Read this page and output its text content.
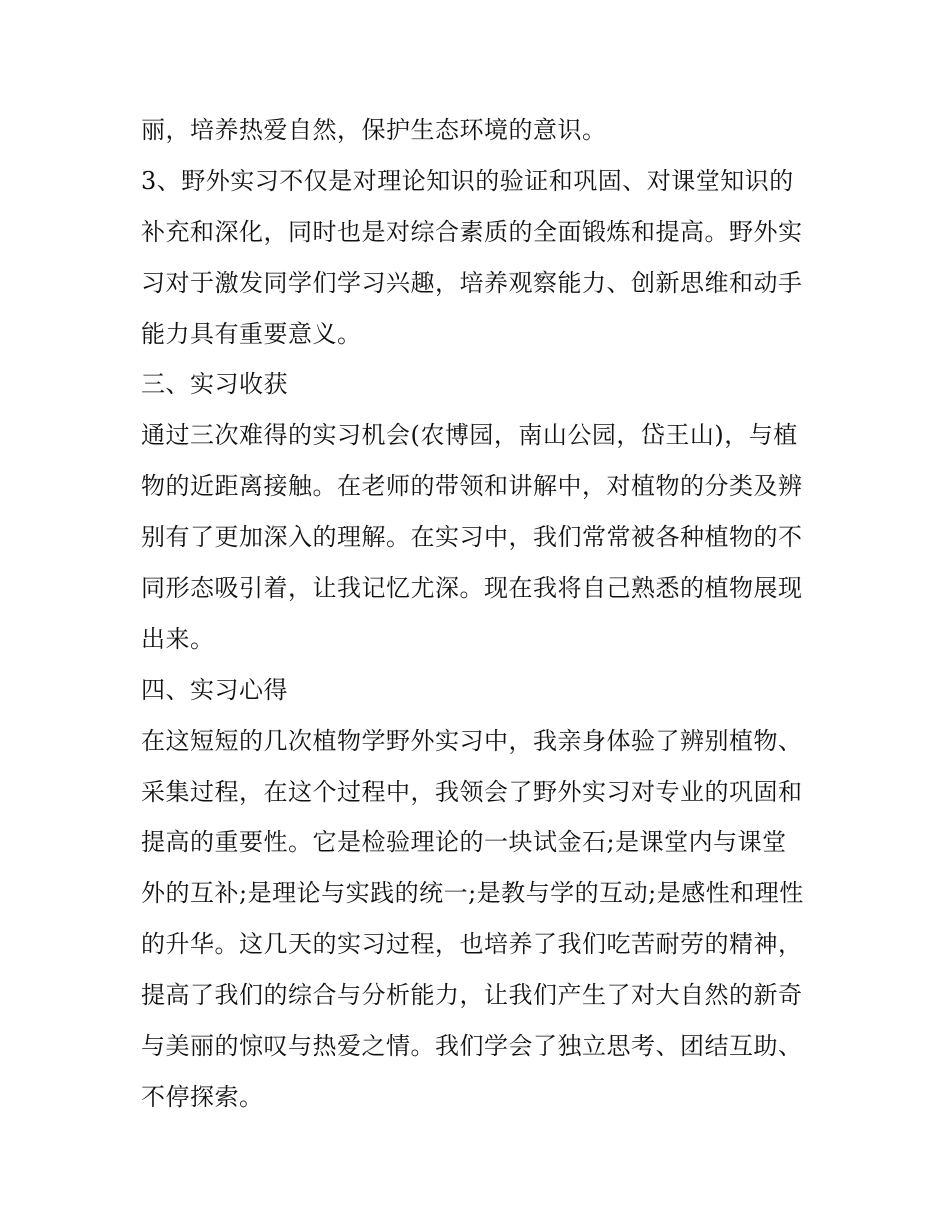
丽，培养热爱自然，保护生态环境的意识。
3、野外实习不仅是对理论知识的验证和巩固、对课堂知识的
补充和深化，同时也是对综合素质的全面锻炼和提高。野外实
习对于激发同学们学习兴趣，培养观察能力、创新思维和动手
能力具有重要意义。
三、实习收获
通过三次难得的实习机会(农博园，南山公园，岱王山)，与植
物的近距离接触。在老师的带领和讲解中，对植物的分类及辨
别有了更加深入的理解。在实习中，我们常常被各种植物的不
同形态吸引着，让我记忆尤深。现在我将自己熟悉的植物展现
出来。
四、实习心得
在这短短的几次植物学野外实习中，我亲身体验了辨别植物、
采集过程，在这个过程中，我领会了野外实习对专业的巩固和
提高的重要性。它是检验理论的一块试金石;是课堂内与课堂
外的互补;是理论与实践的统一;是教与学的互动;是感性和理性
的升华。这几天的实习过程，也培养了我们吃苦耐劳的精神，
提高了我们的综合与分析能力，让我们产生了对大自然的新奇
与美丽的惊叹与热爱之情。我们学会了独立思考、团结互助、
不停探索。
